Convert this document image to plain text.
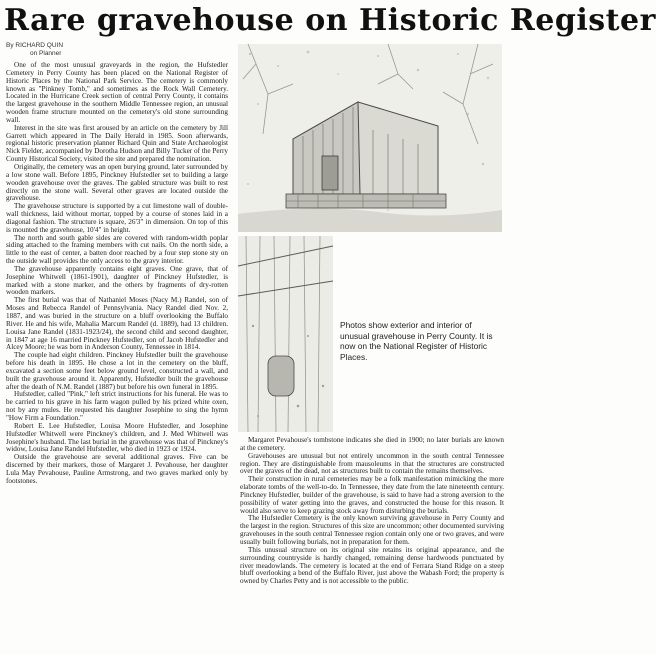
Rare gravehouse on Historic Register
By RICHARD QUIN
on Planner

One of the most unusual graveyards in the region, the Hufstedler Cemetery in Perry County has been placed on the National Register of Historic Places by the National Park Service. The cemetery is commonly known as "Pinkney Tomb," and sometimes as the Rock Wall Cemetery. Located in the Hurricane Creek section of central Perry County, it contains the largest gravehouse in the southern Middle Tennessee region, an unusual wooden frame structure mounted on the cemetery's old stone surrounding wall.

Interest in the site was first aroused by an article on the cemetery by Jill Garrett which appeared in The Daily Herald in 1985. Soon afterwards, regional historic preservation planner Richard Quin and State Archaeologist Nick Fielder, accompanied by Dorotha Hudson and Billy Tucker of the Perry County Historical Society, visited the site and prepared the nomination.

Originally, the cemetery was an open burying ground, later surrounded by a low stone wall. Before 1895, Pinckney Hufstedler set to building a large wooden gravehouse over the graves. The gabled structure was built to rest directly on the stone wall. Several other graves are located outside the gravehouse.

The gravehouse structure is supported by a cut limestone wall of double-wall thickness, laid without mortar, topped by a course of stones laid in a diagonal fashion. The structure is square, 26'3" in dimension. On top of this is mounted the gravehouse, 10'4" in height.

The north and south gable sides are covered with random-width poplar siding attached to the framing members with cut nails. On the north side, a little to the east of center, a batten door reached by a four step stone sty on the outside wall provides the only access to the gravy interior.

The gravehouse apparently contains eight graves. One grave, that of Josephine Whitwell (1861-1901), daughter of Pinckney Hufstedler, is marked with a stone marker, and the others by fragments of dry-rotten wooden markers.

The first burial was that of Nathaniel Moses (Nacy M.) Randel, son of Moses and Rebecca Randel of Pennsylvania. Nacy Randel died Nov. 2, 1887, and was buried in the structure on a bluff overlooking the Buffalo River. He and his wife, Mahalia Marcum Randel (d. 1889), had 13 children. Louisa Jane Randel (1831-1923/24), the second child and second daughter, in 1847 at age 16 married Pinckney Hufstedler, son of Jacob Hufstedler and Alcey Moore; he was born in Anderson County, Tennessee in 1814.

The couple had eight children. Pinckney Hufstedler built the gravehouse before his death in 1895. He chose a lot in the cemetery on the bluff, excavated a section some feet below ground level, constructed a wall, and built the gravehouse around it. Apparently, Hufstedler built the gravehouse after the death of N.M. Randel (1887) but before his own funeral in 1895.

Hufstedler, called "Pink," left strict instructions for his funeral. He was to be carried to his grave in his farm wagon pulled by his prized white oxen, not by any mules. He requested his daughter Josephine to sing the hymn "How Firm a Foundation."

Robert E. Lee Hufstedler, Louisa Moore Hufstedler, and Josephine Hufstedler Whitwell were Pinckney's children, and J. Med Whitwell was Josephine's husband. The last burial in the gravehouse was that of Pinckney's widow, Louisa Jane Randel Hufstedler, who died in 1923 or 1924.

Outside the gravehouse are several additional graves. Five can be discerned by their markers, those of Margaret J. Pevahouse, her daughter Lula May Pevahouse, Pauline Armstrong, and two graves marked only by footstones.

Photos show exterior and interior of unusual gravehouse in Perry County. It is now on the National Register of Historic Places.

Margaret Pevahouse's tombstone indicates she died in 1900; no later burials are known at the cemetery.

Gravehouses are unusual but not entirely uncommon in the south central Tennessee region. They are distinguishable from mausoleums in that the structures are constructed over the graves of the dead, not as structures built to contain the remains themselves.

Their construction in rural cemeteries may be a folk manifestation mimicking the more elaborate tombs of the well-to-do. In Tennessee, they date from the late nineteenth century. Pinckney Hufstedler, builder of the gravehouse, is said to have had a strong aversion to the possibility of water getting into the graves, and constructed the house for this reason. It would also serve to keep grazing stock away from disturbing the burials.

The Hufstedler Cemetery is the only known surviving gravehouse in Perry County and the largest in the region. Structures of this size are uncommon; other documented surviving gravehouses in the south central Tennessee region contain only one or two graves, and were usually built following burials, not in preparation for them.

This unusual structure on its original site retains its original appearance, and the surrounding countryside is hardly changed, remaining dense hardwoods punctuated by river meadowlands. The cemetery is located at the end of Ferrara Stand Ridge on a steep bluff overlooking a bend of the Buffalo River, just above the Wabash Ford; the property is owned by Charles Petty and is not accessible to the public.
